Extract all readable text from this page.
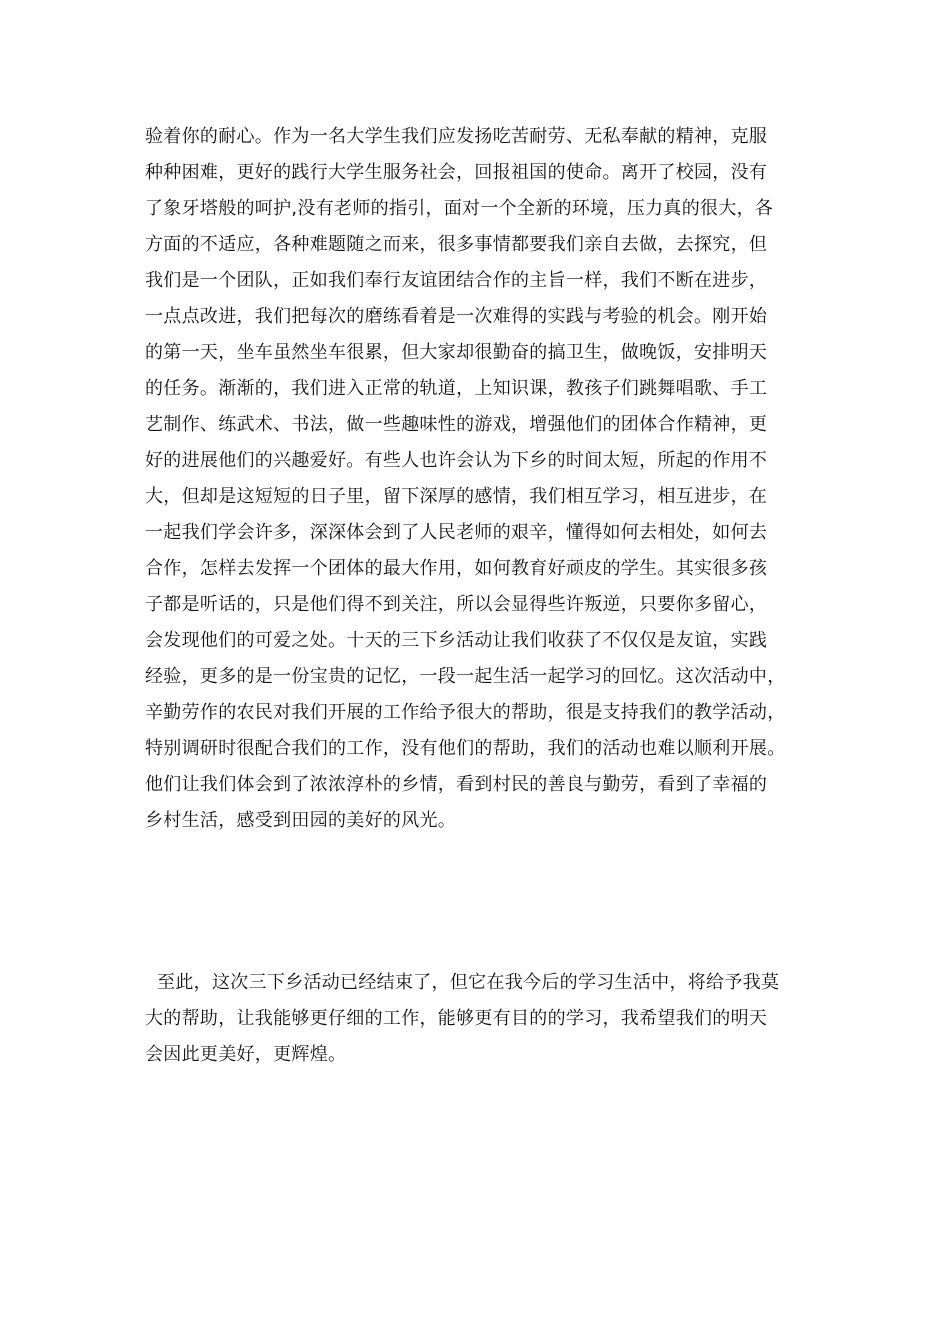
验着你的耐心。作为一名大学生我们应发扬吃苦耐劳、无私奉献的精神，克服
种种困难，更好的践行大学生服务社会，回报祖国的使命。离开了校园，没有
了象牙塔般的呵护,没有老师的指引，面对一个全新的环境，压力真的很大，各
方面的不适应，各种难题随之而来，很多事情都要我们亲自去做，去探究，但
我们是一个团队，正如我们奉行友谊团结合作的主旨一样，我们不断在进步，
一点点改进，我们把每次的磨练看着是一次难得的实践与考验的机会。刚开始
的第一天，坐车虽然坐车很累，但大家却很勤奋的搞卫生，做晚饭，安排明天
的任务。渐渐的，我们进入正常的轨道，上知识课，教孩子们跳舞唱歌、手工
艺制作、练武术、书法，做一些趣味性的游戏，增强他们的团体合作精神，更
好的进展他们的兴趣爱好。有些人也许会认为下乡的时间太短，所起的作用不
大，但却是这短短的日子里，留下深厚的感情，我们相互学习，相互进步，在
一起我们学会许多，深深体会到了人民老师的艰辛，懂得如何去相处，如何去
合作，怎样去发挥一个团体的最大作用，如何教育好顽皮的学生。其实很多孩
子都是听话的，只是他们得不到关注，所以会显得些许叛逆，只要你多留心，
会发现他们的可爱之处。十天的三下乡活动让我们收获了不仅仅是友谊，实践
经验，更多的是一份宝贵的记忆，一段一起生活一起学习的回忆。这次活动中，
辛勤劳作的农民对我们开展的工作给予很大的帮助，很是支持我们的教学活动，
特别调研时很配合我们的工作，没有他们的帮助，我们的活动也难以顺利开展。
他们让我们体会到了浓浓淳朴的乡情，看到村民的善良与勤劳，看到了幸福的
乡村生活，感受到田园的美好的风光。
至此，这次三下乡活动已经结束了，但它在我今后的学习生活中，将给予我莫
大的帮助，让我能够更仔细的工作，能够更有目的的学习，我希望我们的明天
会因此更美好，更辉煌。
